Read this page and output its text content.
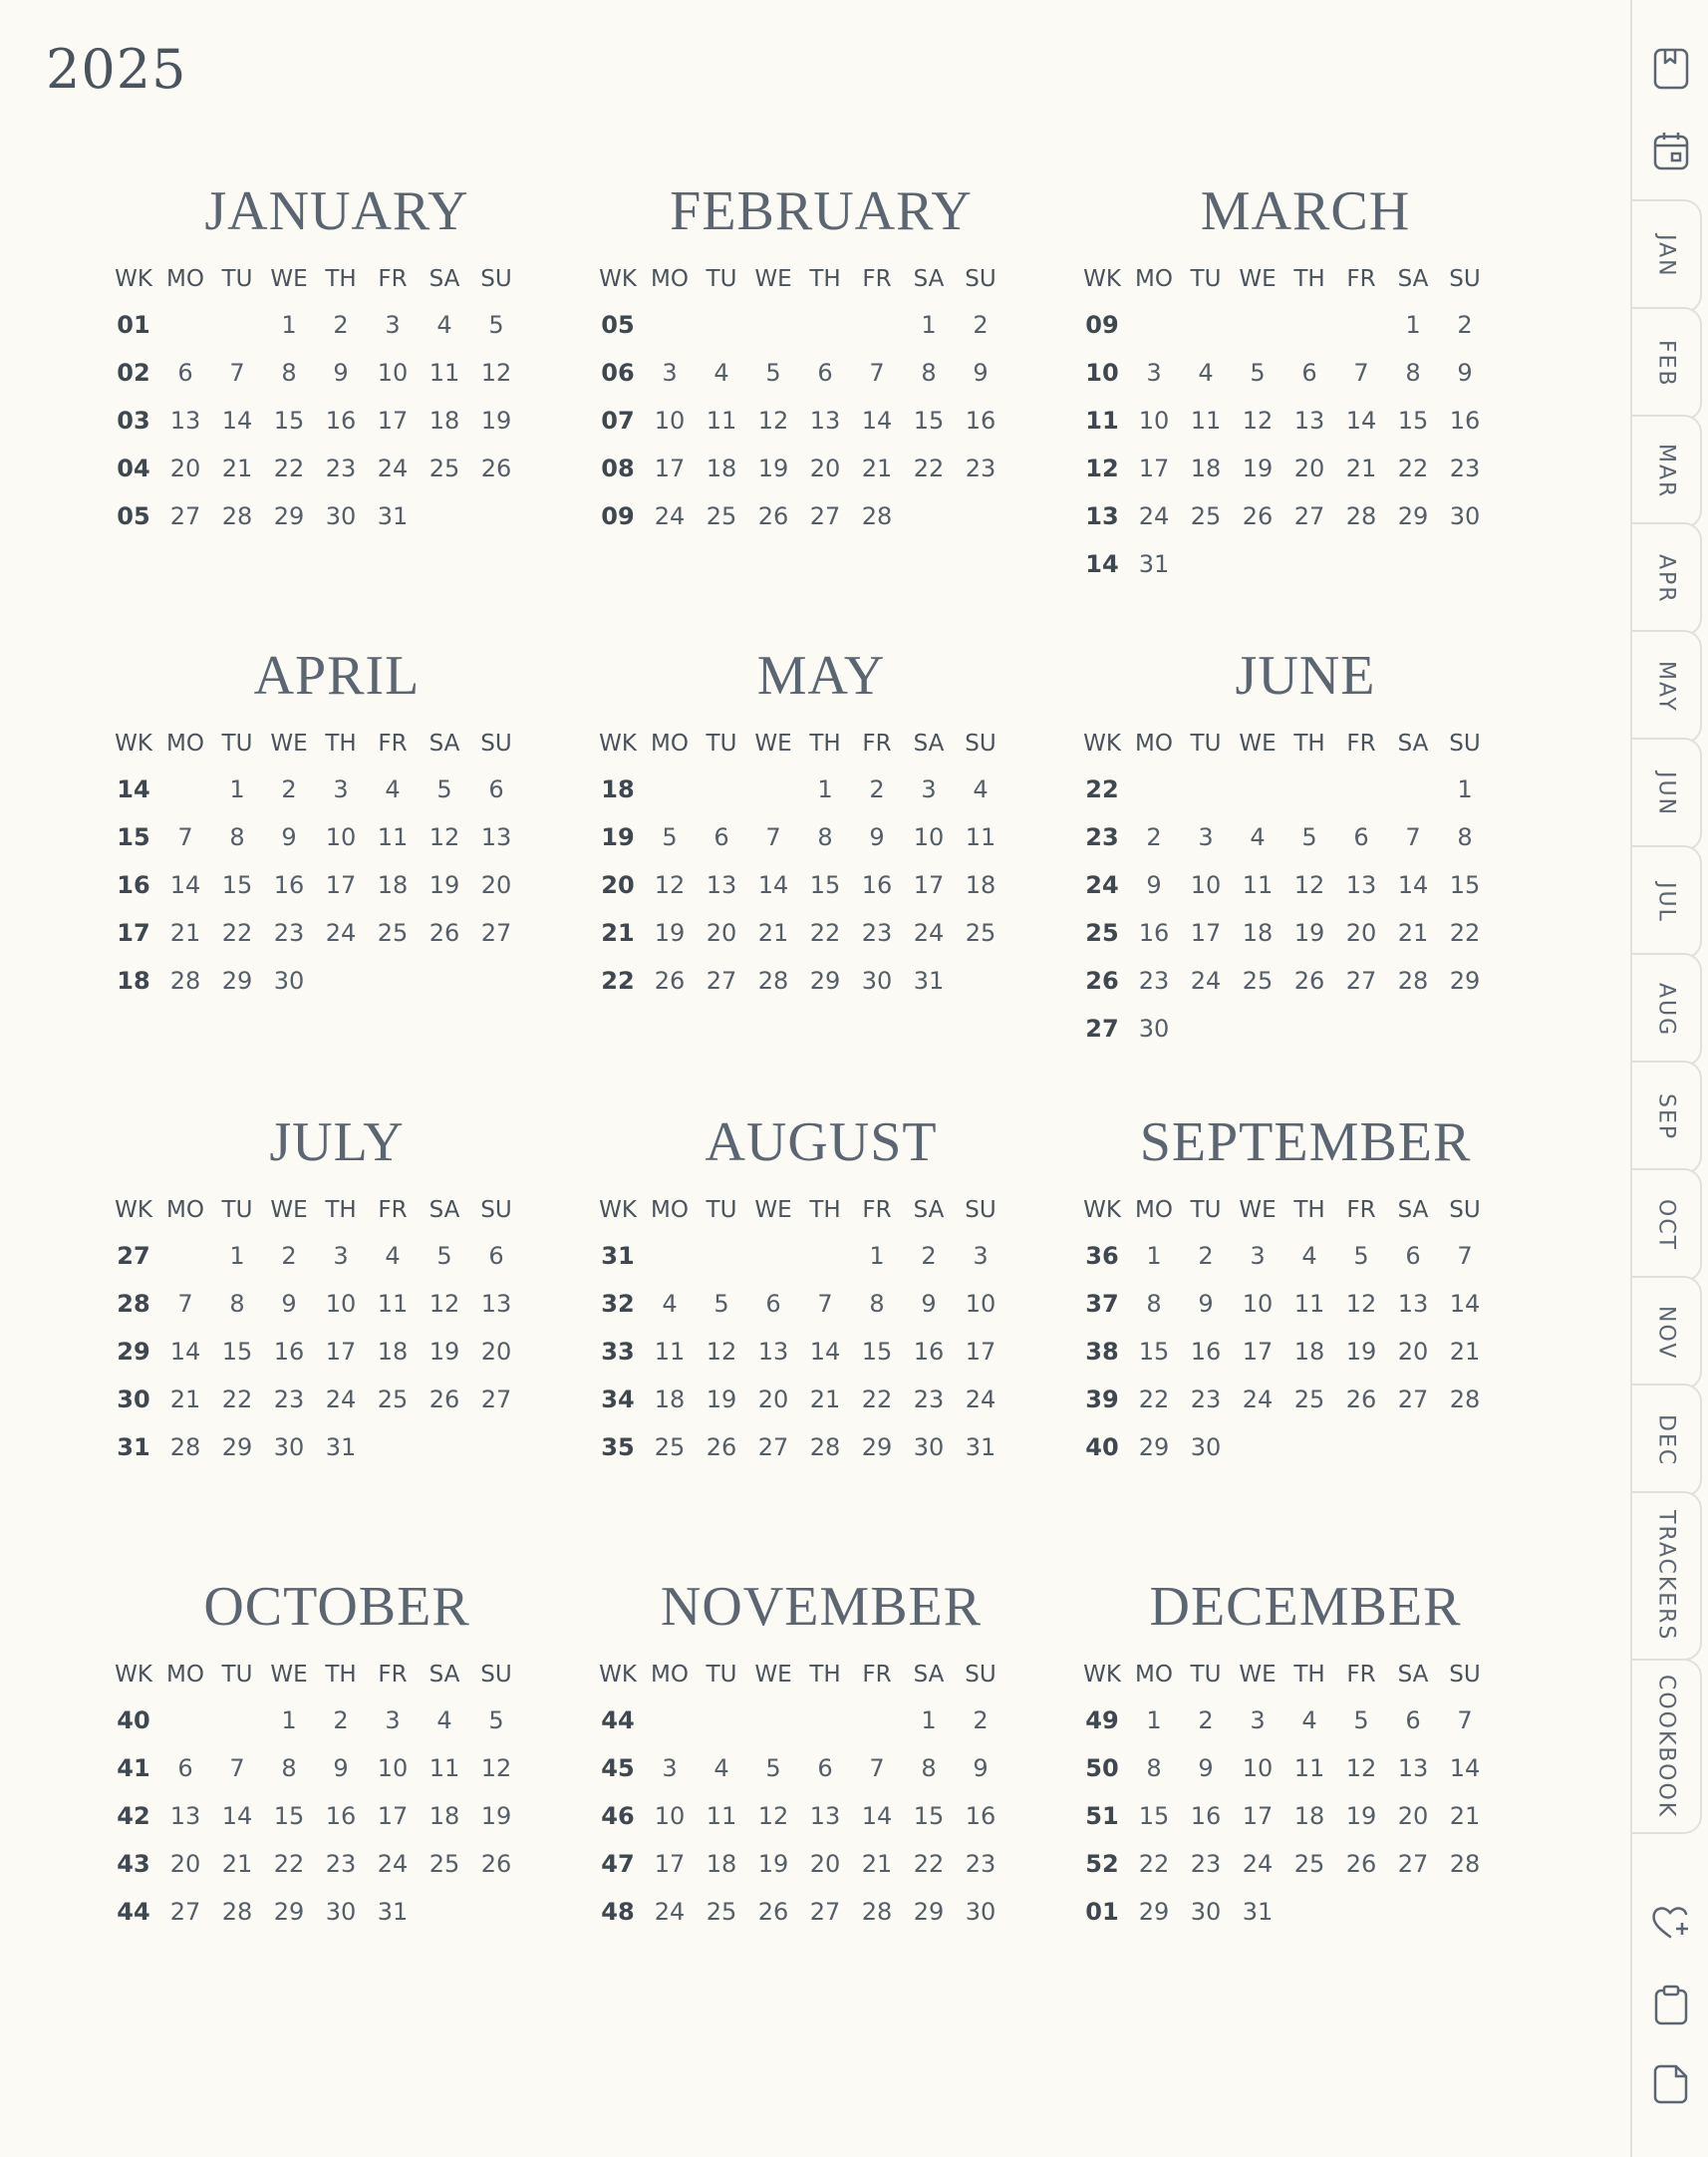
2025
JANUARY
WK	MO	TU	WE	TH	FR	SA	SU
01			1	2	3	4	5
02	6	7	8	9	10	11	12
03	13	14	15	16	17	18	19
04	20	21	22	23	24	25	26
05	27	28	29	30	31		
FEBRUARY
WK	MO	TU	WE	TH	FR	SA	SU
05						1	2
06	3	4	5	6	7	8	9
07	10	11	12	13	14	15	16
08	17	18	19	20	21	22	23
09	24	25	26	27	28		
MARCH
WK	MO	TU	WE	TH	FR	SA	SU
09						1	2
10	3	4	5	6	7	8	9
11	10	11	12	13	14	15	16
12	17	18	19	20	21	22	23
13	24	25	26	27	28	29	30
14	31						
APRIL
WK	MO	TU	WE	TH	FR	SA	SU
14		1	2	3	4	5	6
15	7	8	9	10	11	12	13
16	14	15	16	17	18	19	20
17	21	22	23	24	25	26	27
18	28	29	30				
MAY
WK	MO	TU	WE	TH	FR	SA	SU
18				1	2	3	4
19	5	6	7	8	9	10	11
20	12	13	14	15	16	17	18
21	19	20	21	22	23	24	25
22	26	27	28	29	30	31	
JUNE
WK	MO	TU	WE	TH	FR	SA	SU
22							1
23	2	3	4	5	6	7	8
24	9	10	11	12	13	14	15
25	16	17	18	19	20	21	22
26	23	24	25	26	27	28	29
27	30						
JULY
WK	MO	TU	WE	TH	FR	SA	SU
27		1	2	3	4	5	6
28	7	8	9	10	11	12	13
29	14	15	16	17	18	19	20
30	21	22	23	24	25	26	27
31	28	29	30	31			
AUGUST
WK	MO	TU	WE	TH	FR	SA	SU
31					1	2	3
32	4	5	6	7	8	9	10
33	11	12	13	14	15	16	17
34	18	19	20	21	22	23	24
35	25	26	27	28	29	30	31
SEPTEMBER
WK	MO	TU	WE	TH	FR	SA	SU
36	1	2	3	4	5	6	7
37	8	9	10	11	12	13	14
38	15	16	17	18	19	20	21
39	22	23	24	25	26	27	28
40	29	30					
OCTOBER
WK	MO	TU	WE	TH	FR	SA	SU
40			1	2	3	4	5
41	6	7	8	9	10	11	12
42	13	14	15	16	17	18	19
43	20	21	22	23	24	25	26
44	27	28	29	30	31		
NOVEMBER
WK	MO	TU	WE	TH	FR	SA	SU
44						1	2
45	3	4	5	6	7	8	9
46	10	11	12	13	14	15	16
47	17	18	19	20	21	22	23
48	24	25	26	27	28	29	30
DECEMBER
WK	MO	TU	WE	TH	FR	SA	SU
49	1	2	3	4	5	6	7
50	8	9	10	11	12	13	14
51	15	16	17	18	19	20	21
52	22	23	24	25	26	27	28
01	29	30	31				
JAN
FEB
MAR
APR
MAY
JUN
JUL
AUG
SEP
OCT
NOV
DEC
TRACKERS
COOKBOOK
